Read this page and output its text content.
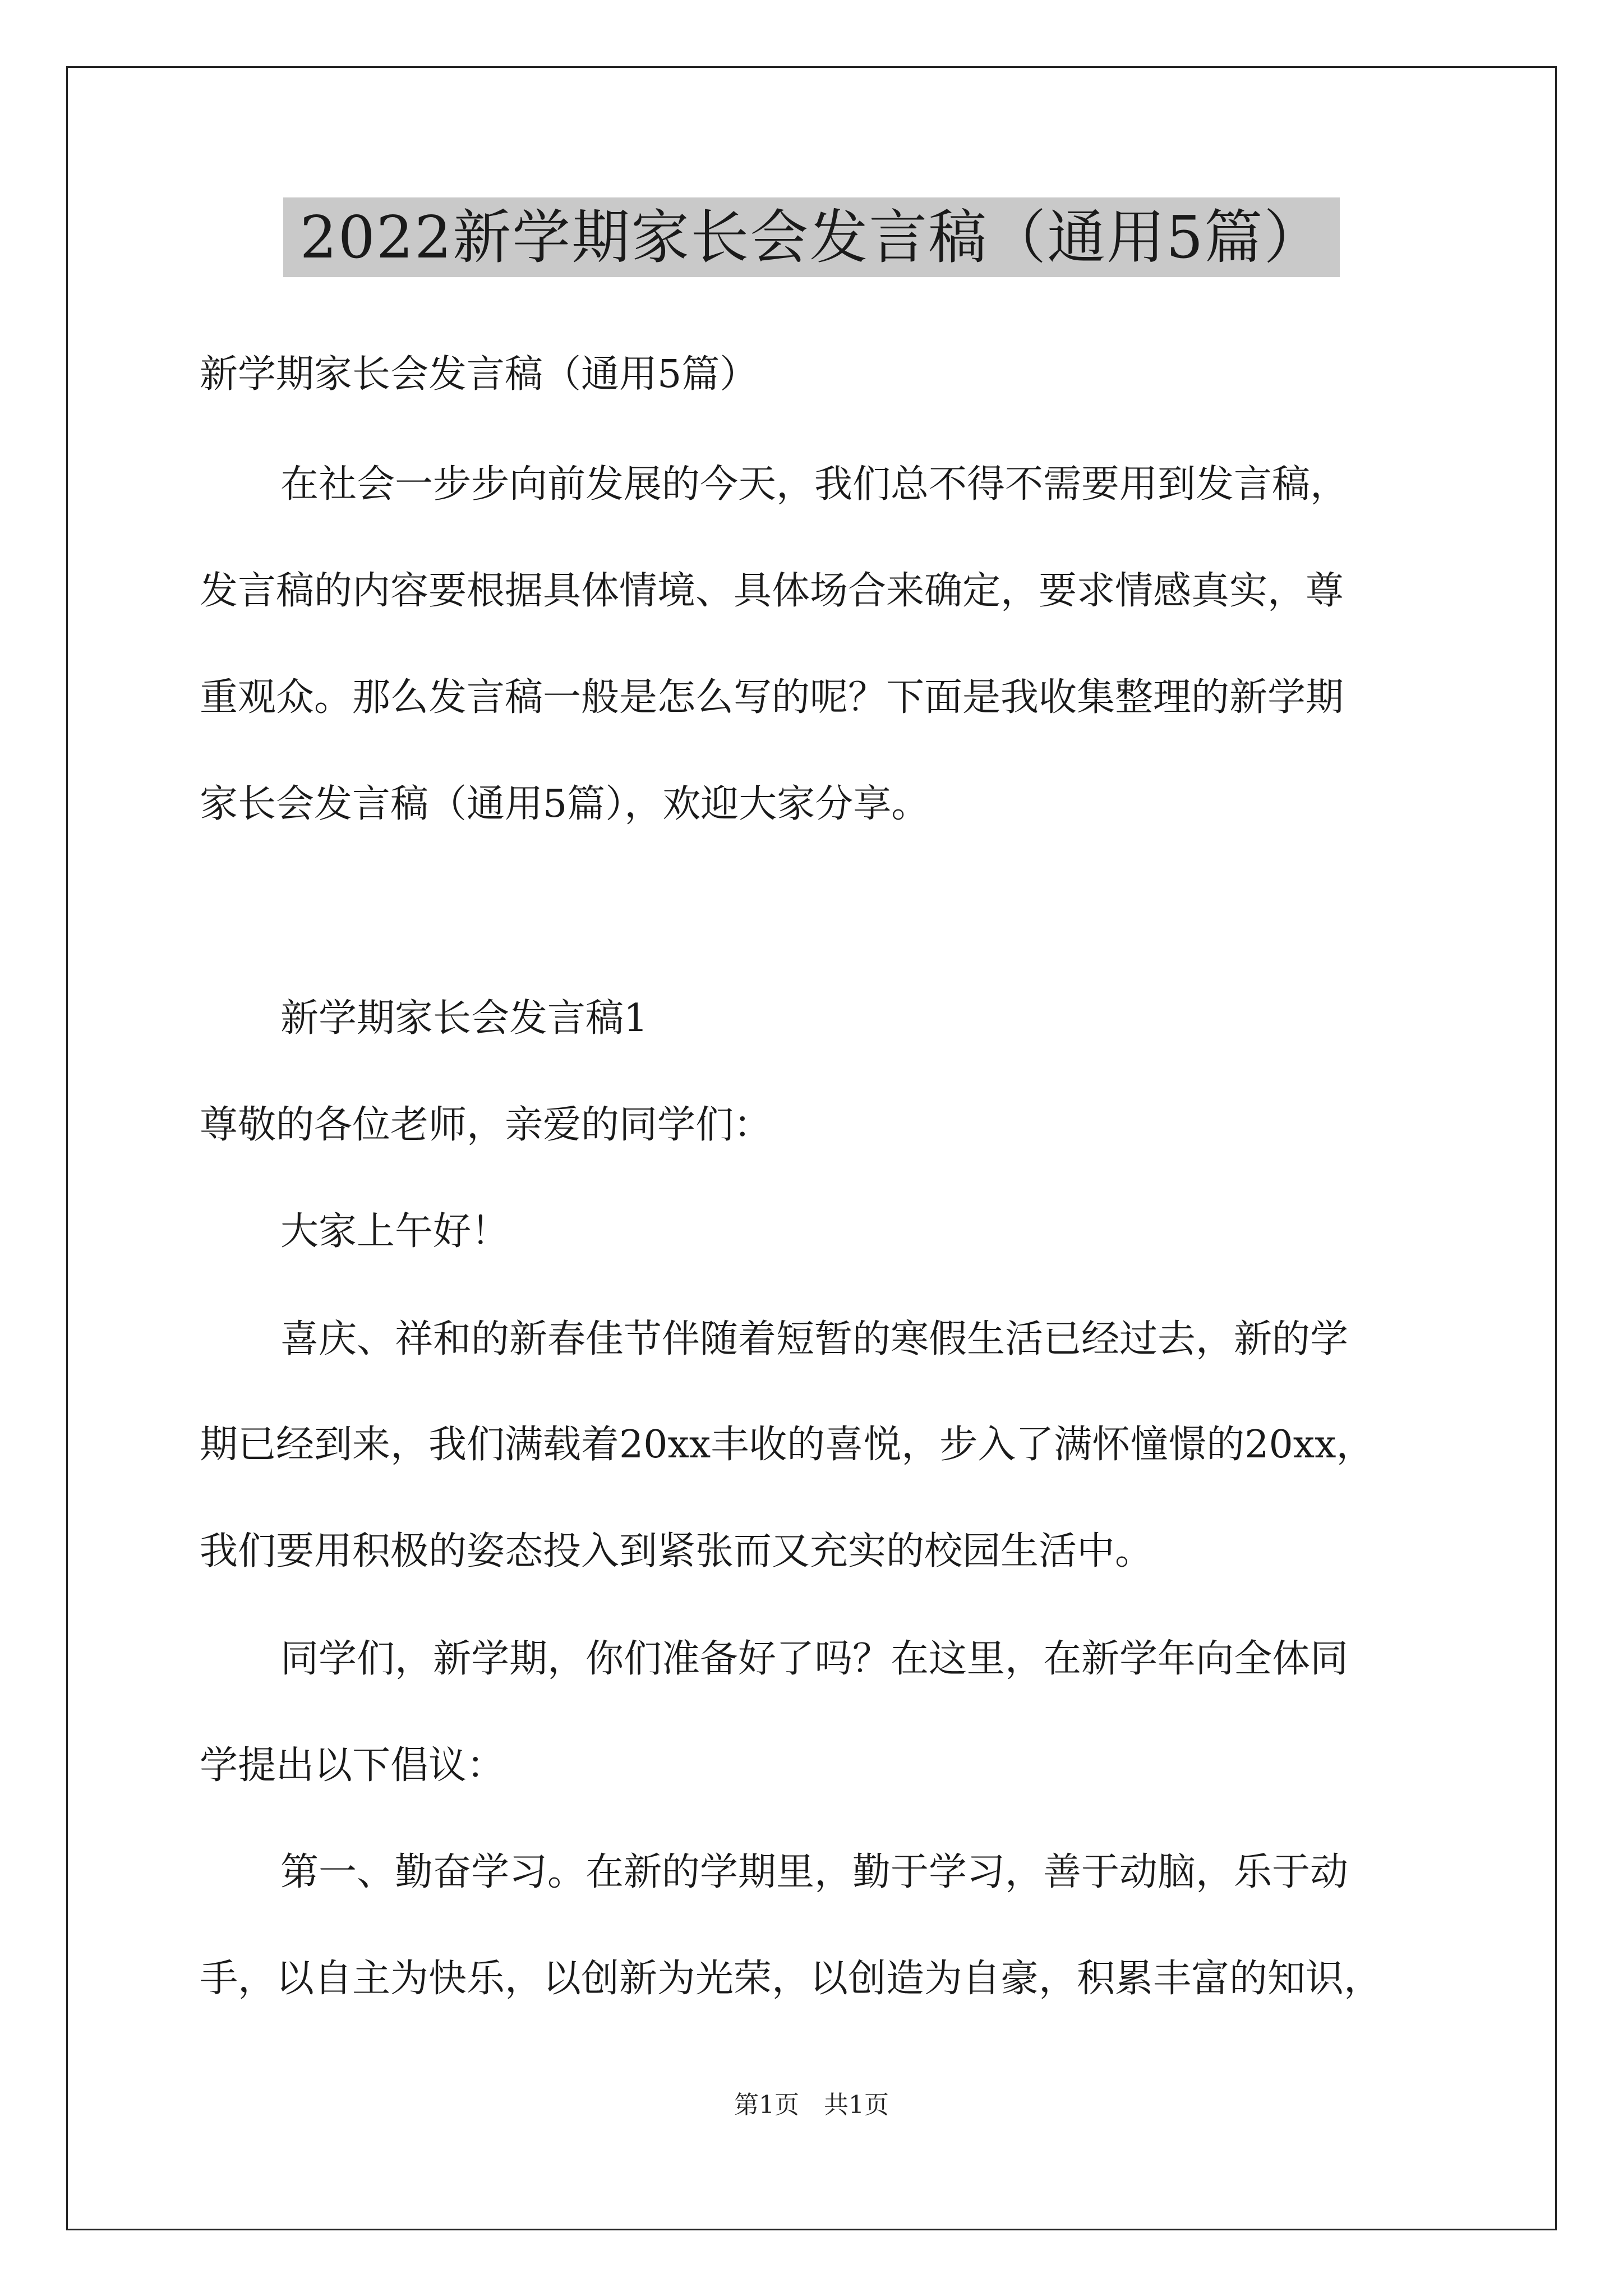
2022新学期家长会发言稿（通用5篇）
新学期家长会发言稿（通用5篇）
在社会一步步向前发展的今天，我们总不得不需要用到发言稿，
发言稿的内容要根据具体情境、具体场合来确定，要求情感真实，尊
重观众。那么发言稿一般是怎么写的呢？下面是我收集整理的新学期
家长会发言稿（通用5篇），欢迎大家分享。
新学期家长会发言稿1
尊敬的各位老师，亲爱的同学们：
大家上午好！
喜庆、祥和的新春佳节伴随着短暂的寒假生活已经过去，新的学
期已经到来，我们满载着20xx丰收的喜悦，步入了满怀憧憬的20xx，
我们要用积极的姿态投入到紧张而又充实的校园生活中。
同学们，新学期，你们准备好了吗？在这里，在新学年向全体同
学提出以下倡议：
第一、勤奋学习。在新的学期里，勤于学习，善于动脑，乐于动
手，以自主为快乐，以创新为光荣，以创造为自豪，积累丰富的知识，
第1页　共1页
